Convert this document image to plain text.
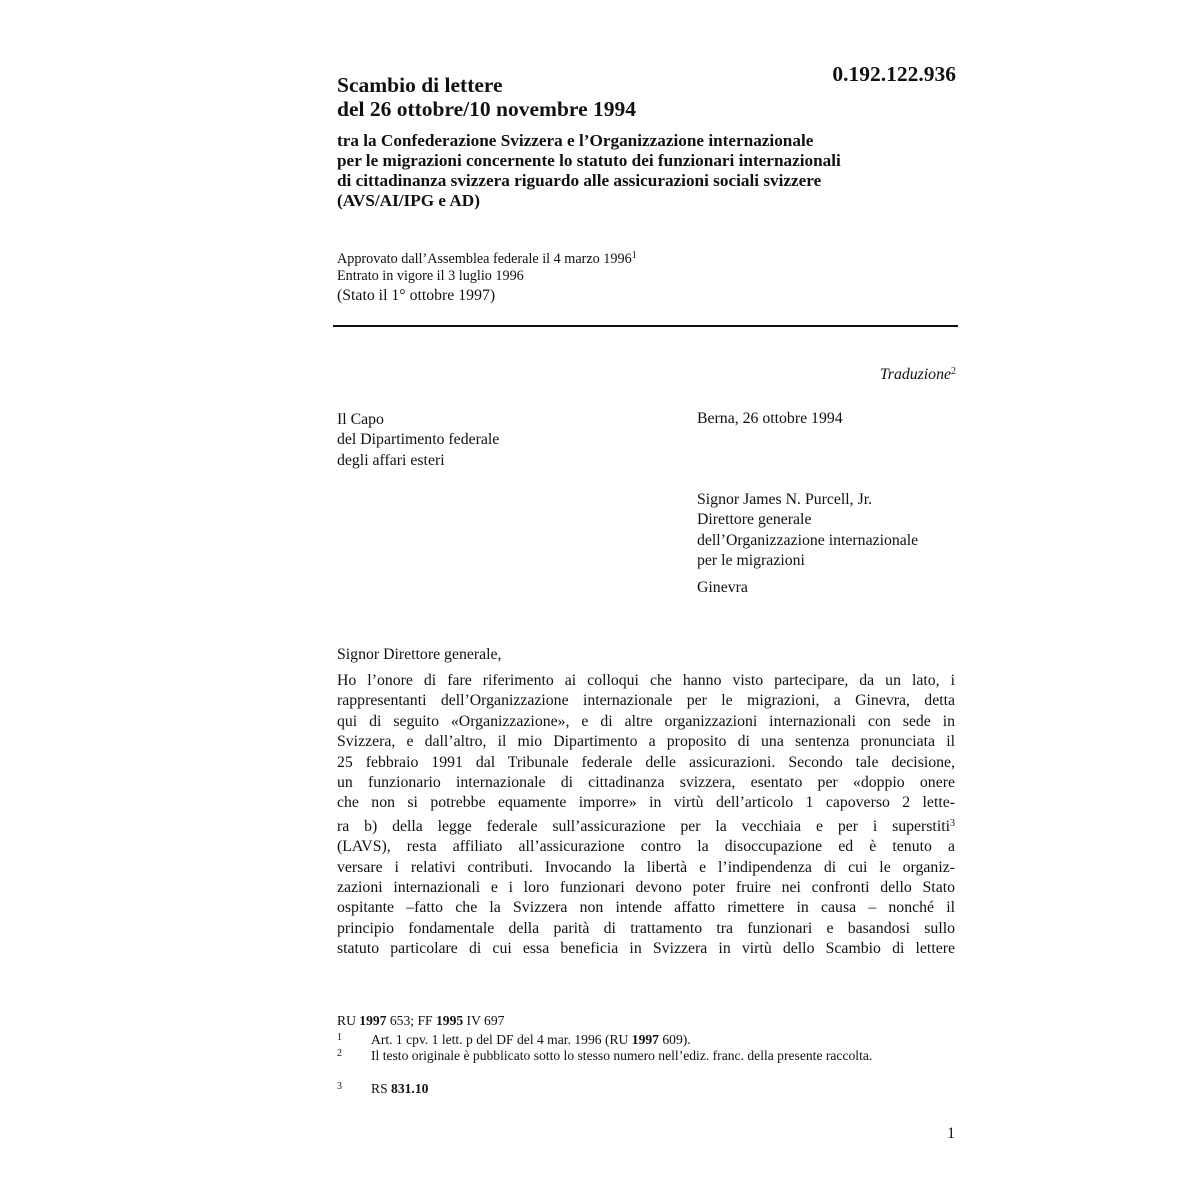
Scambio di lettere
del 26 ottobre/10 novembre 1994
0.192.122.936
tra la Confederazione Svizzera e l’Organizzazione internazionale
per le migrazioni concernente lo statuto dei funzionari internazionali
di cittadinanza svizzera riguardo alle assicurazioni sociali svizzere
(AVS/AI/IPG e AD)
Approvato dall’Assemblea federale il 4 marzo 1996$^1$
Entrato in vigore il 3 luglio 1996
(Stato il 1° ottobre 1997)
Traduzione$^2$
Il Capo
del Dipartimento federale
degli affari esteri
Berna, 26 ottobre 1994
Signor James N. Purcell, Jr.
Direttore generale
dell’Organizzazione internazionale
per le migrazioni
Ginevra
Signor Direttore generale,
Ho l’onore di fare riferimento ai colloqui che hanno visto partecipare, da un lato, i
rappresentanti dell’Organizzazione internazionale per le migrazioni, a Ginevra, detta
qui di seguito «Organizzazione», e di altre organizzazioni internazionali con sede in
Svizzera, e dall’altro, il mio Dipartimento a proposito di una sentenza pronunciata il
25 febbraio 1991 dal Tribunale federale delle assicurazioni. Secondo tale decisione,
un funzionario internazionale di cittadinanza svizzera, esentato per «doppio onere
che non si potrebbe equamente imporre» in virtù dell’articolo 1 capoverso 2 lette-
ra b) della legge federale sull’assicurazione per la vecchiaia e per i superstiti$^3$
(LAVS), resta affiliato all’assicurazione contro la disoccupazione ed è tenuto a
versare i relativi contributi. Invocando la libertà e l’indipendenza di cui le organiz-
zazioni internazionali e i loro funzionari devono poter fruire nei confronti dello Stato
ospitante –fatto che la Svizzera non intende affatto rimettere in causa – nonché il
principio fondamentale della parità di trattamento tra funzionari e basandosi sullo
statuto particolare di cui essa beneficia in Svizzera in virtù dello Scambio di lettere
RU 1997 653; FF 1995 IV 697
1 Art. 1 cpv. 1 lett. p del DF del 4 mar. 1996 (RU 1997 609).
2 Il testo originale è pubblicato sotto lo stesso numero nell’ediz. franc. della presente raccolta.
3 RS 831.10
1
